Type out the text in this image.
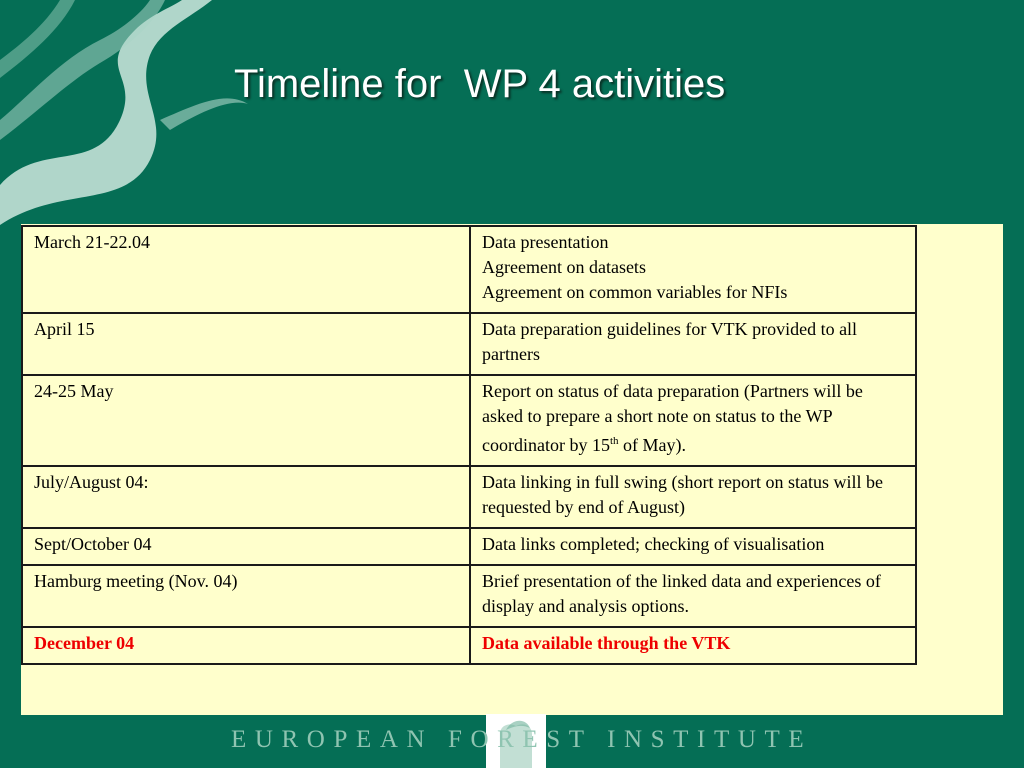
Timeline for  WP 4 activities
March 21-22.04	Data presentation
Agreement on datasets
Agreement on common variables for NFIs

April 15	Data preparation guidelines for VTK provided to all partners
24-25 May	Report on status of data preparation (Partners will be asked to prepare a short note on status to the WP coordinator by 15th of May).
July/August 04:	Data linking in full swing (short report on status will be requested by end of August)
Sept/October 04	Data links completed; checking of visualisation
Hamburg meeting (Nov. 04)	Brief presentation of the linked data and experiences of display and analysis options.
December 04	Data available through the VTK
EUROPEAN FOREST INSTITUTE
